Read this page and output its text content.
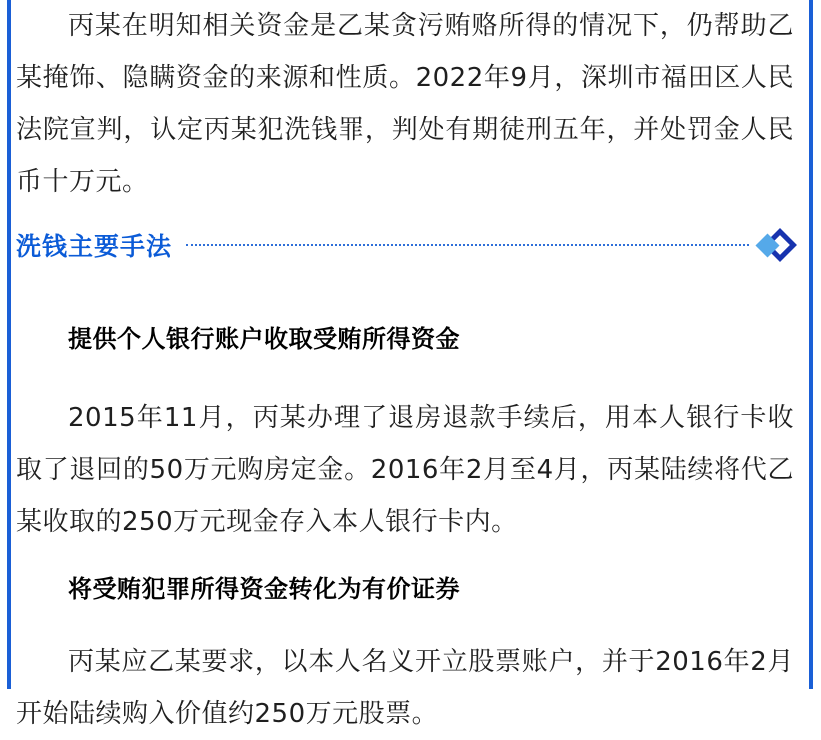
丙某在明知相关资金是乙某贪污贿赂所得的情况下，仍帮助乙某掩饰、隐瞒资金的来源和性质。2022年9月，深圳市福田区人民法院宣判，认定丙某犯洗钱罪，判处有期徒刑五年，并处罚金人民币十万元。

洗钱主要手法
提供个人银行账户收取受贿所得资金

2015年11月，丙某办理了退房退款手续后，用本人银行卡收取了退回的50万元购房定金。2016年2月至4月，丙某陆续将代乙某收取的250万元现金存入本人银行卡内。

将受贿犯罪所得资金转化为有价证券

丙某应乙某要求，以本人名义开立股票账户，并于2016年2月开始陆续购入价值约250万元股票。
